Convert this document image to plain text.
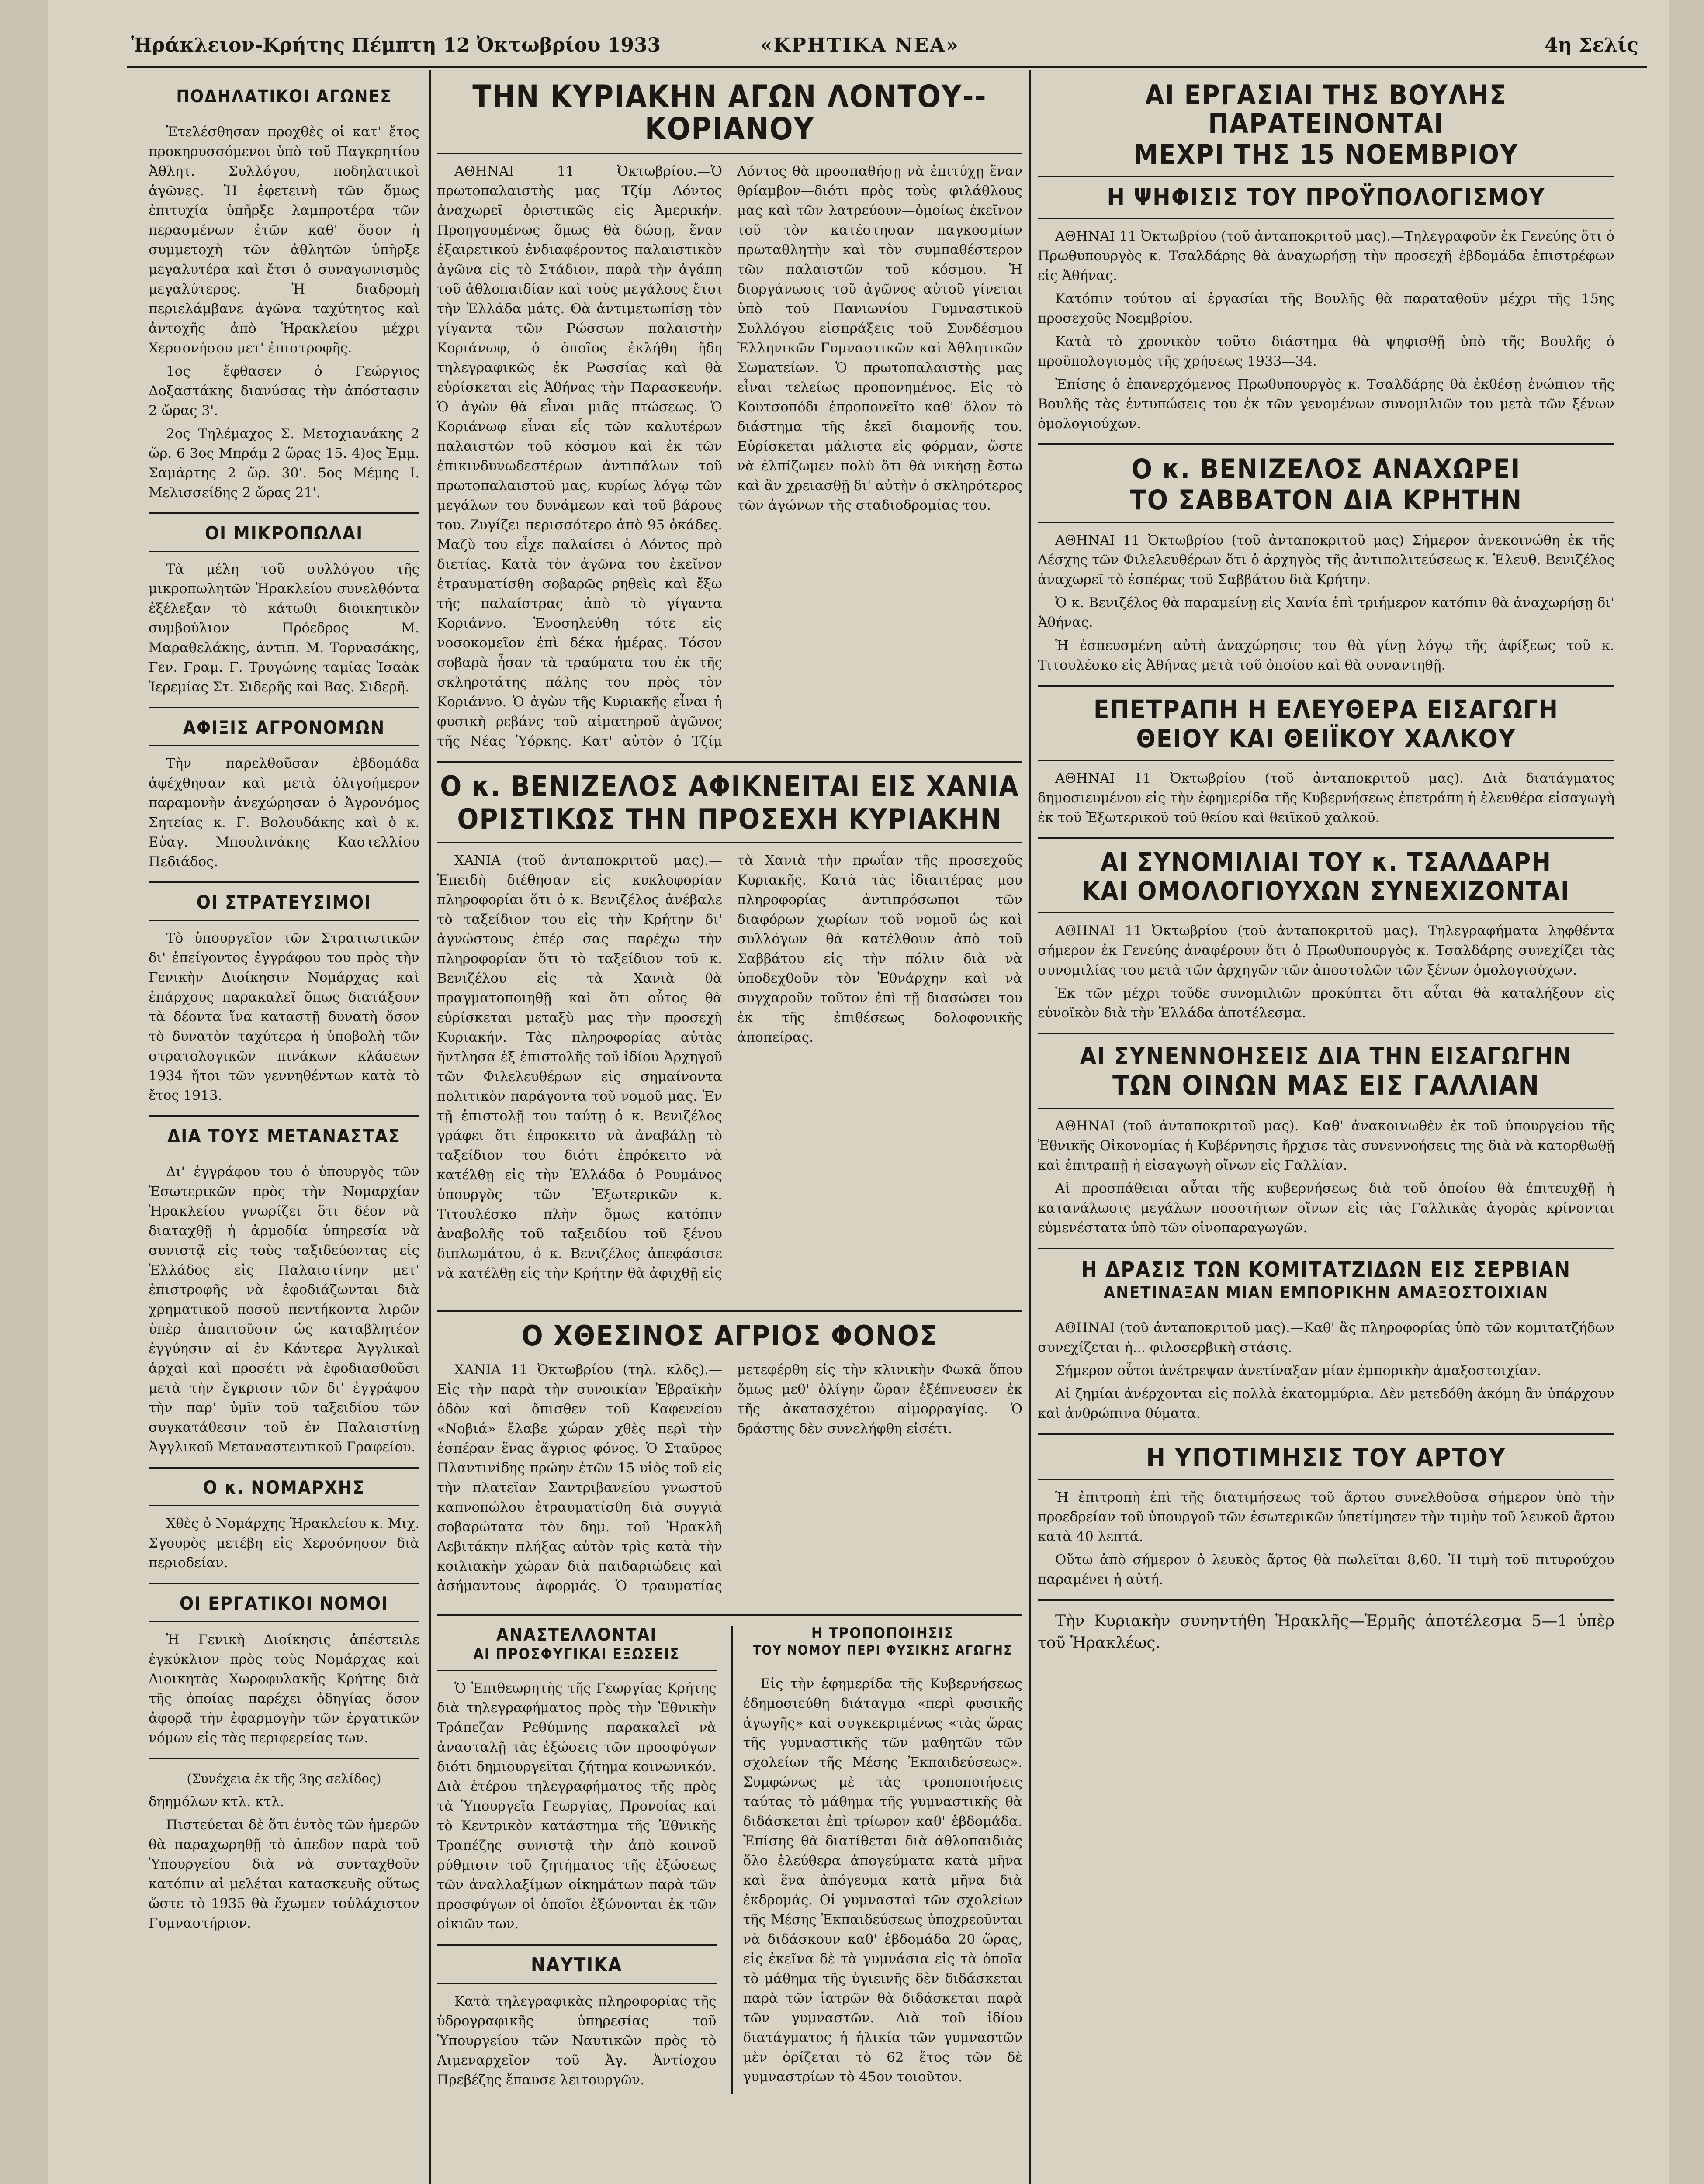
Ἡράκλειον-Κρήτης Πέμπτη 12 Ὀκτωβρίου 1933	«ΚΡΗΤΙΚΑ ΝΕΑ»	4η Σελίς
ΠΟΔΗΛΑΤΙΚΟΙ ΑΓΩΝΕΣ

Ἐτελέσθησαν προχθὲς οἱ κατ' ἔτος προκηρυσσόμενοι ὑπὸ τοῦ Παγκρητίου Ἀθλητ. Συλλόγου, ποδηλατικοὶ ἀγῶνες. Ἡ ἐφετεινὴ τῶν ὅμως ἐπιτυχία ὑπῆρξε λαμπροτέρα τῶν περασμένων ἐτῶν καθ' ὅσον ἡ συμμετοχὴ τῶν ἀθλητῶν ὑπῆρξε μεγαλυτέρα καὶ ἔτσι ὁ συναγωνισμὸς μεγαλύτερος. Ἡ διαδρομὴ περιελάμβανε ἀγῶνα ταχύτητος καὶ ἀντοχῆς ἀπὸ Ἡρακλείου μέχρι Χερσονήσου μετ' ἐπιστροφῆς.

1ος ἔφθασεν ὁ Γεώργιος Δοξαστάκης διανύσας τὴν ἀπόστασιν 2 ὥρας 3'.

2ος Τηλέμαχος Σ. Μετοχιανάκης 2 ὥρ. 6 3ος Μπράμ 2 ὥρας 15. 4)ος Ἐμμ. Σαμάρτης 2 ὥρ. 30'. 5ος Μέμης Ι. Μελισσείδης 2 ὥρας 21'.

ΟΙ ΜΙΚΡΟΠΩΛΑΙ

Τὰ μέλη τοῦ συλλόγου τῆς μικροπωλητῶν Ἡρακλείου συνελθόντα ἐξέλεξαν τὸ κάτωθι διοικητικὸν συμβούλιον Πρόεδρος Μ. Μαραθελάκης, ἀντιπ. Μ. Τορνασάκης, Γεν. Γραμ. Γ. Τρυγώνης ταμίας Ἰσαὰκ Ἱερεμίας Στ. Σιδερῆς καὶ Βας. Σιδερῆ.

ΑΦΙΞΙΣ ΑΓΡΟΝΟΜΩΝ

Τὴν παρελθοῦσαν ἑβδομάδα ἀφέχθησαν καὶ μετὰ ὀλιγοήμερον παραμονὴν ἀνεχώρησαν ὁ Ἀγρονόμος Σητείας κ. Γ. Βολουδάκης καὶ ὁ κ. Εὐαγ. Μπουλινάκης Καστελλίου Πεδιάδος.

ΟΙ ΣΤΡΑΤΕΥΣΙΜΟΙ

Τὸ ὑπουργεῖον τῶν Στρατιωτικῶν δι' ἐπείγοντος ἐγγράφου του πρὸς τὴν Γενικὴν Διοίκησιν Νομάρχας καὶ ἐπάρχους παρακαλεῖ ὅπως διατάξουν τὰ δέοντα ἵνα καταστῇ δυνατὴ ὅσον τὸ δυνατὸν ταχύτερα ἡ ὑποβολὴ τῶν στρατολογικῶν πινάκων κλάσεων 1934 ἤτοι τῶν γεννηθέντων κατὰ τὸ ἔτος 1913.

ΔΙΑ ΤΟΥΣ ΜΕΤΑΝΑΣΤΑΣ

Δι' ἐγγράφου του ὁ ὑπουργὸς τῶν Ἐσωτερικῶν πρὸς τὴν Νομαρχίαν Ἡρακλείου γνωρίζει ὅτι δέον νὰ διαταχθῇ ἡ ἁρμοδία ὑπηρεσία νὰ συνιστᾷ εἰς τοὺς ταξιδεύοντας εἰς Ἑλλάδος εἰς Παλαιστίνην μετ' ἐπιστροφῆς νὰ ἐφοδιάζωνται διὰ χρηματικοῦ ποσοῦ πεντήκοντα λιρῶν ὑπὲρ ἀπαιτοῦσιν ὡς καταβλητέον ἐγγύησιν αἱ ἐν Κάντερα Ἀγγλικαὶ ἀρχαὶ καὶ προσέτι νὰ ἐφοδιασθοῦσι μετὰ τὴν ἔγκρισιν τῶν δι' ἐγγράφου τὴν παρ' ὑμῖν τοῦ ταξειδίου τῶν συγκατάθεσιν τοῦ ἐν Παλαιστίνῃ Ἀγγλικοῦ Μεταναστευτικοῦ Γραφείου.

Ο κ. ΝΟΜΑΡΧΗΣ

Χθὲς ὁ Νομάρχης Ἡρακλείου κ. Μιχ. Σγουρὸς μετέβη εἰς Χερσόνησον διὰ περιοδείαν.

ΟΙ ΕΡΓΑΤΙΚΟΙ ΝΟΜΟΙ

Ἡ Γενικὴ Διοίκησις ἀπέστειλε ἐγκύκλιον πρὸς τοὺς Νομάρχας καὶ Διοικητὰς Χωροφυλακῆς Κρήτης διὰ τῆς ὁποίας παρέχει ὁδηγίας ὅσον ἀφορᾷ τὴν ἐφαρμογὴν τῶν ἐργατικῶν νόμων εἰς τὰς περιφερείας των.

(Συνέχεια ἐκ τῆς 3ης σελίδος)

δηημόλων κτλ. κτλ.

Πιστεύεται δὲ ὅτι ἐντὸς τῶν ἡμερῶν θὰ παραχωρηθῇ τὸ ἀπεδον παρὰ τοῦ Ὑπουργείου διὰ νὰ συνταχθοῦν κατόπιν αἱ μελέται κατασκευῆς οὕτως ὥστε τὸ 1935 θὰ ἔχωμεν τοὐλάχιστον Γυμναστήριον.

ΤΗΝ ΚΥΡΙΑΚΗΝ ΑΓΩΝ ΛΟΝΤΟΥ--ΚΟΡΙΑΝΟΥ

ΑΘΗΝΑΙ 11 Ὀκτωβρίου.—Ὁ πρωτοπαλαιστὴς μας Τζίμ Λόντος ἀναχωρεῖ ὁριστικῶς εἰς Ἀμερικήν. Προηγουμένως ὅμως θὰ δώσῃ, ἕναν ἐξαιρετικοῦ ἐνδιαφέροντος παλαιστικὸν ἀγῶνα εἰς τὸ Στάδιον, παρὰ τὴν ἀγάπη τοῦ ἀθλοπαιδίαν καὶ τοὺς μεγάλους ἔτσι τὴν Ἑλλάδα μάτς. Θὰ ἀντιμετωπίσῃ τὸν γίγαντα τῶν Ρώσσων παλαιστὴν Κοριάνωφ, ὁ ὁποῖος ἐκλήθη ἤδη τηλεγραφικῶς ἐκ Ρωσσίας καὶ θὰ εὑρίσκεται εἰς Ἀθήνας τὴν Παρασκευήν. Ὁ ἀγὼν θὰ εἶναι μιᾶς πτώσεως. Ὁ Κοριάνωφ εἶναι εἷς τῶν καλυτέρων παλαιστῶν τοῦ κόσμου καὶ ἐκ τῶν ἐπικινδυνωδεστέρων ἀντιπάλων τοῦ πρωτοπαλαιστοῦ μας, κυρίως λόγῳ τῶν μεγάλων του δυνάμεων καὶ τοῦ βάρους του. Ζυγίζει περισσότερο ἀπὸ 95 ὀκάδες. Μαζὺ του εἶχε παλαίσει ὁ Λόντος πρὸ διετίας. Κατὰ τὸν ἀγῶνα του ἐκεῖνον ἐτραυματίσθη σοβαρῶς ρηθεὶς καὶ ἔξω τῆς παλαίστρας ἀπὸ τὸ γίγαντα Κοριάννο. Ἐνοσηλεύθη τότε εἰς νοσοκομεῖον ἐπὶ δέκα ἡμέρας. Τόσον σοβαρὰ ἦσαν τὰ τραύματα του ἐκ τῆς σκληροτάτης πάλης του πρὸς τὸν Κοριάννο. Ὁ ἀγὼν τῆς Κυριακῆς εἶναι ἡ φυσικὴ ρεβάνς τοῦ αἱματηροῦ ἀγῶνος τῆς Νέας Ὑόρκης. Κατ' αὐτὸν ὁ Τζίμ Λόντος θὰ προσπαθήσῃ νὰ ἐπιτύχῃ ἕναν θρίαμβον—διότι πρὸς τοὺς φιλάθλους μας καὶ τῶν λατρεύουν—ὁμοίως ἐκεῖνον τοῦ τὸν κατέστησαν παγκοσμίων πρωταθλητὴν καὶ τὸν συμπαθέστερον τῶν παλαιστῶν τοῦ κόσμου. Ἡ διοργάνωσις τοῦ ἀγῶνος αὐτοῦ γίνεται ὑπὸ τοῦ Πανιωνίου Γυμναστικοῦ Συλλόγου εἰσπράξεις τοῦ Συνδέσμου Ἑλληνικῶν Γυμναστικῶν καὶ Ἀθλητικῶν Σωματείων. Ὁ πρωτοπαλαιστὴς μας εἶναι τελείως προπονημένος. Εἰς τὸ Κουτσοπόδι ἐπροπονεῖτο καθ' ὅλον τὸ διάστημα τῆς ἐκεῖ διαμονῆς του. Εὑρίσκεται μάλιστα εἰς φόρμαν, ὥστε νὰ ἐλπίζωμεν πολὺ ὅτι θὰ νικήσῃ ἔστω καὶ ἂν χρειασθῇ δι' αὐτὴν ὁ σκληρότερος τῶν ἀγώνων τῆς σταδιοδρομίας του.

Ο κ. ΒΕΝΙΖΕΛΟΣ ΑΦΙΚΝΕΙΤΑΙ ΕΙΣ ΧΑΝΙΑ
ΟΡΙΣΤΙΚΩΣ ΤΗΝ ΠΡΟΣΕΧΗ ΚΥΡΙΑΚΗΝ

ΧΑΝΙΑ (τοῦ ἀνταποκριτοῦ μας).—Ἐπειδὴ διέθησαν εἰς κυκλοφορίαν πληροφορίαι ὅτι ὁ κ. Βενιζέλος ἀνέβαλε τὸ ταξείδιον του εἰς τὴν Κρήτην δι' ἀγνώστους ἐπέρ σας παρέχω τὴν πληροφορίαν ὅτι τὸ ταξείδιον τοῦ κ. Βενιζέλου εἰς τὰ Χανιὰ θὰ πραγματοποιηθῇ καὶ ὅτι οὗτος θὰ εὑρίσκεται μεταξὺ μας τὴν προσεχῆ Κυριακήν. Τὰς πληροφορίας αὐτὰς ἤντλησα ἐξ ἐπιστολῆς τοῦ ἰδίου Ἀρχηγοῦ τῶν Φιλελευθέρων εἰς σημαίνοντα πολιτικὸν παράγοντα τοῦ νομοῦ μας. Ἐν τῇ ἐπιστολῇ του ταύτῃ ὁ κ. Βενιζέλος γράφει ὅτι ἐπροκειτο νὰ ἀναβάλῃ τὸ ταξείδιον του διότι ἐπρόκειτο νὰ κατέλθῃ εἰς τὴν Ἑλλάδα ὁ Ρουμάνος ὑπουργὸς τῶν Ἐξωτερικῶν κ. Τιτουλέσκο πλὴν ὅμως κατόπιν ἀναβολῆς τοῦ ταξειδίου τοῦ ξένου διπλωμάτου, ὁ κ. Βενιζέλος ἀπεφάσισε νὰ κατέλθῃ εἰς τὴν Κρήτην θὰ ἀφιχθῇ εἰς τὰ Χανιὰ τὴν πρωΐαν τῆς προσεχοῦς Κυριακῆς. Κατὰ τὰς ἰδιαιτέρας μου πληροφορίας ἀντιπρόσωποι τῶν διαφόρων χωρίων τοῦ νομοῦ ὡς καὶ συλλόγων θὰ κατέλθουν ἀπὸ τοῦ Σαββάτου εἰς τὴν πόλιν διὰ νὰ ὑποδεχθοῦν τὸν Ἐθνάρχην καὶ νὰ συγχαροῦν τοῦτον ἐπὶ τῇ διασώσει του ἐκ τῆς ἐπιθέσεως δολοφονικῆς ἀποπείρας.

Ο ΧΘΕΣΙΝΟΣ ΑΓΡΙΟΣ ΦΟΝΟΣ

ΧΑΝΙΑ 11 Ὀκτωβρίου (τηλ. κλδς).—Εἰς τὴν παρὰ τὴν συνοικίαν Ἐβραϊκὴν ὁδὸν καὶ ὄπισθεν τοῦ Καφενείου «Νοβιά» ἔλαβε χώραν χθὲς περὶ τὴν ἐσπέραν ἕνας ἄγριος φόνος. Ὁ Σταῦρος Πλαντινίδης πρώην ἐτῶν 15 υἱὸς τοῦ εἰς τὴν πλατεῖαν Σαντριβανείου γνωστοῦ καπνοπώλου ἐτραυματίσθη διὰ συγγιὰ σοβαρώτατα τὸν δημ. τοῦ Ἡρακλῆ Λεβιτάκην πλήξας αὐτὸν τρὶς κατὰ τὴν κοιλιακὴν χώραν διὰ παιδαριώδεις καὶ ἀσήμαντους ἀφορμάς. Ὁ τραυματίας μετεφέρθη εἰς τὴν κλινικὴν Φωκᾶ ὅπου ὅμως μεθ' ὀλίγην ὥραν ἐξέπνευσεν ἐκ τῆς ἀκατασχέτου αἱμορραγίας. Ὁ δράστης δὲν συνελήφθη εἰσέτι.

ΑΝΑΣΤΕΛΛΟΝΤΑΙ
ΑΙ ΠΡΟΣΦΥΓΙΚΑΙ ΕΞΩΣΕΙΣ

Ὁ Ἐπιθεωρητὴς τῆς Γεωργίας Κρήτης διὰ τηλεγραφήματος πρὸς τὴν Ἐθνικὴν Τράπεζαν Ρεθύμνης παρακαλεῖ νὰ ἀνασταλῇ τὰς ἐξώσεις τῶν προσφύγων διότι δημιουργεῖται ζήτημα κοινωνικόν. Διὰ ἑτέρου τηλεγραφήματος τῆς πρὸς τὰ Ὑπουργεῖα Γεωργίας, Προνοίας καὶ τὸ Κεντρικὸν κατάστημα τῆς Ἐθνικῆς Τραπέζης συνιστᾷ τὴν ἀπὸ κοινοῦ ρύθμισιν τοῦ ζητήματος τῆς ἐξώσεως τῶν ἀναλλαξίμων οἰκημάτων παρὰ τῶν προσφύγων οἱ ὁποῖοι ἐξώνονται ἐκ τῶν οἰκιῶν των.

ΝΑΥΤΙΚΑ

Κατὰ τηλεγραφικὰς πληροφορίας τῆς ὑδρογραφικῆς ὑπηρεσίας τοῦ Ὑπουργείου τῶν Ναυτικῶν πρὸς τὸ Λιμεναρχεῖον τοῦ Ἀγ. Ἀντίοχου Πρεβέζης ἔπαυσε λειτουργῶν.

Η ΤΡΟΠΟΠΟΙΗΣΙΣ
ΤΟΥ ΝΟΜΟΥ ΠΕΡΙ ΦΥΣΙΚΗΣ ΑΓΩΓΗΣ

Εἰς τὴν ἐφημερίδα τῆς Κυβερνήσεως ἐδημοσιεύθη διάταγμα «περὶ φυσικῆς ἀγωγῆς» καὶ συγκεκριμένως «τὰς ὥρας τῆς γυμναστικῆς τῶν μαθητῶν τῶν σχολείων τῆς Μέσης Ἐκπαιδεύσεως». Συμφώνως μὲ τὰς τροποποιήσεις ταύτας τὸ μάθημα τῆς γυμναστικῆς θὰ διδάσκεται ἐπὶ τρίωρον καθ' ἑβδομάδα. Ἐπίσης θὰ διατίθεται διὰ ἀθλοπαιδιὰς ὅλο ἑλεύθερα ἀπογεύματα κατὰ μῆνα καὶ ἕνα ἀπόγευμα κατὰ μῆνα διὰ ἐκδρομάς. Οἱ γυμνασταὶ τῶν σχολείων τῆς Μέσης Ἐκπαιδεύσεως ὑποχρεοῦνται νὰ διδάσκουν καθ' ἑβδομάδα 20 ὥρας, εἰς ἐκεῖνα δὲ τὰ γυμνάσια εἰς τὰ ὁποῖα τὸ μάθημα τῆς ὑγιεινῆς δὲν διδάσκεται παρὰ τῶν ἰατρῶν θὰ διδάσκεται παρὰ τῶν γυμναστῶν. Διὰ τοῦ ἰδίου διατάγματος ἡ ἡλικία τῶν γυμναστῶν μὲν ὁρίζεται τὸ 62 ἔτος τῶν δὲ γυμναστρίων τὸ 45ον τοιοῦτον.

ΑΙ ΕΡΓΑΣΙΑΙ ΤΗΣ ΒΟΥΛΗΣ ΠΑΡΑΤΕΙΝΟΝΤΑΙ
ΜΕΧΡΙ ΤΗΣ 15 ΝΟΕΜΒΡΙΟΥ
Η ΨΗΦΙΣΙΣ ΤΟΥ ΠΡΟΫΠΟΛΟΓΙΣΜΟΥ

ΑΘΗΝΑΙ 11 Ὀκτωβρίου (τοῦ ἀνταποκριτοῦ μας).—Τηλεγραφοῦν ἐκ Γενεύης ὅτι ὁ Πρωθυπουργὸς κ. Τσαλδάρης θὰ ἀναχωρήσῃ τὴν προσεχῆ ἑβδομάδα ἐπιστρέφων εἰς Ἀθήνας.

Κατόπιν τούτου αἱ ἐργασίαι τῆς Βουλῆς θὰ παραταθοῦν μέχρι τῆς 15ης προσεχοῦς Νοεμβρίου.

Κατὰ τὸ χρονικὸν τοῦτο διάστημα θὰ ψηφισθῇ ὑπὸ τῆς Βουλῆς ὁ προϋπολογισμὸς τῆς χρήσεως 1933—34.

Ἐπίσης ὁ ἐπανερχόμενος Πρωθυπουργὸς κ. Τσαλδάρης θὰ ἐκθέσῃ ἐνώπιον τῆς Βουλῆς τὰς ἐντυπώσεις του ἐκ τῶν γενομένων συνομιλιῶν του μετὰ τῶν ξένων ὁμολογιούχων.

Ο κ. ΒΕΝΙΖΕΛΟΣ ΑΝΑΧΩΡΕΙ
ΤΟ ΣΑΒΒΑΤΟΝ ΔΙΑ ΚΡΗΤΗΝ

ΑΘΗΝΑΙ 11 Ὀκτωβρίου (τοῦ ἀνταποκριτοῦ μας) Σήμερον ἀνεκοινώθη ἐκ τῆς Λέσχης τῶν Φιλελευθέρων ὅτι ὁ ἀρχηγὸς τῆς ἀντιπολιτεύσεως κ. Ἐλευθ. Βενιζέλος ἀναχωρεῖ τὸ ἑσπέρας τοῦ Σαββάτου διὰ Κρήτην.

Ὁ κ. Βενιζέλος θὰ παραμείνῃ εἰς Χανία ἐπὶ τριήμερον κατόπιν θὰ ἀναχωρήσῃ δι' Ἀθήνας.

Ἡ ἐσπευσμένη αὐτὴ ἀναχώρησις του θὰ γίνῃ λόγῳ τῆς ἀφίξεως τοῦ κ. Τιτουλέσκο εἰς Ἀθήνας μετὰ τοῦ ὁποίου καὶ θὰ συναντηθῇ.

ΕΠΕΤΡΑΠΗ Η ΕΛΕΥΘΕΡΑ ΕΙΣΑΓΩΓΗ
ΘΕΙΟΥ ΚΑΙ ΘΕΙΪΚΟΥ ΧΑΛΚΟΥ

ΑΘΗΝΑΙ 11 Ὀκτωβρίου (τοῦ ἀνταποκριτοῦ μας). Διὰ διατάγματος δημοσιευμένου εἰς τὴν ἐφημερίδα τῆς Κυβερνήσεως ἐπετράπη ἡ ἐλευθέρα εἰσαγωγὴ ἐκ τοῦ Ἐξωτερικοῦ τοῦ θείου καὶ θειϊκοῦ χαλκοῦ.

ΑΙ ΣΥΝΟΜΙΛΙΑΙ ΤΟΥ κ. ΤΣΑΛΔΑΡΗ
ΚΑΙ ΟΜΟΛΟΓΙΟΥΧΩΝ ΣΥΝΕΧΙΖΟΝΤΑΙ

ΑΘΗΝΑΙ 11 Ὀκτωβρίου (τοῦ ἀνταποκριτοῦ μας). Τηλεγραφήματα ληφθέντα σήμερον ἐκ Γενεύης ἀναφέρουν ὅτι ὁ Πρωθυπουργὸς κ. Τσαλδάρης συνεχίζει τὰς συνομιλίας του μετὰ τῶν ἀρχηγῶν τῶν ἀποστολῶν τῶν ξένων ὁμολογιούχων.

Ἐκ τῶν μέχρι τοῦδε συνομιλιῶν προκύπτει ὅτι αὗται θὰ καταλήξουν εἰς εὐνοϊκὸν διὰ τὴν Ἑλλάδα ἀποτέλεσμα.

ΑΙ ΣΥΝΕΝΝΟΗΣΕΙΣ ΔΙΑ ΤΗΝ ΕΙΣΑΓΩΓΗΝ
ΤΩΝ ΟΙΝΩΝ ΜΑΣ ΕΙΣ ΓΑΛΛΙΑΝ

ΑΘΗΝΑΙ (τοῦ ἀνταποκριτοῦ μας).—Καθ' ἀνακοινωθὲν ἐκ τοῦ ὑπουργείου τῆς Ἐθνικῆς Οἰκονομίας ἡ Κυβέρνησις ἤρχισε τὰς συνεννοήσεις της διὰ νὰ κατορθωθῇ καὶ ἐπιτραπῇ ἡ εἰσαγωγὴ οἴνων εἰς Γαλλίαν.

Αἱ προσπάθειαι αὗται τῆς κυβερνήσεως διὰ τοῦ ὁποίου θὰ ἐπιτευχθῇ ἡ κατανάλωσις μεγάλων ποσοτήτων οἴνων εἰς τὰς Γαλλικὰς ἀγορὰς κρίνονται εὐμενέστατα ὑπὸ τῶν οἰνοπαραγωγῶν.

Η ΔΡΑΣΙΣ ΤΩΝ ΚΟΜΙΤΑΤΖΙΔΩΝ ΕΙΣ ΣΕΡΒΙΑΝ
ΑΝΕΤΙΝΑΞΑΝ ΜΙΑΝ ΕΜΠΟΡΙΚΗΝ ΑΜΑΞΟΣΤΟΙΧΙΑΝ

ΑΘΗΝΑΙ (τοῦ ἀνταποκριτοῦ μας).—Καθ' ἃς πληροφορίας ὑπὸ τῶν κομιτατζήδων συνεχίζεται ἡ... φιλοσερβικὴ στάσις.

Σήμερον οὗτοι ἀνέτρεψαν ἀνετίναξαν μίαν ἐμπορικὴν ἁμαξοστοιχίαν.

Αἱ ζημίαι ἀνέρχονται εἰς πολλὰ ἑκατομμύρια. Δὲν μετεδόθη ἀκόμη ἂν ὑπάρχουν καὶ ἀνθρώπινα θύματα.

Η ΥΠΟΤΙΜΗΣΙΣ ΤΟΥ ΑΡΤΟΥ

Ἡ ἐπιτροπὴ ἐπὶ τῆς διατιμήσεως τοῦ ἄρτου συνελθοῦσα σήμερον ὑπὸ τὴν προεδρείαν τοῦ ὑπουργοῦ τῶν ἐσωτερικῶν ὑπετίμησεν τὴν τιμὴν τοῦ λευκοῦ ἄρτου κατὰ 40 λεπτά.

Οὕτω ἀπὸ σήμερον ὁ λευκὸς ἄρτος θὰ πωλεῖται 8,60. Ἡ τιμὴ τοῦ πιτυρούχου παραμένει ἡ αὐτή.

Τὴν Κυριακὴν συνηντήθη Ἡρακλῆς—Ἑρμῆς ἀποτέλεσμα 5—1 ὑπὲρ τοῦ Ἡρακλέως.
